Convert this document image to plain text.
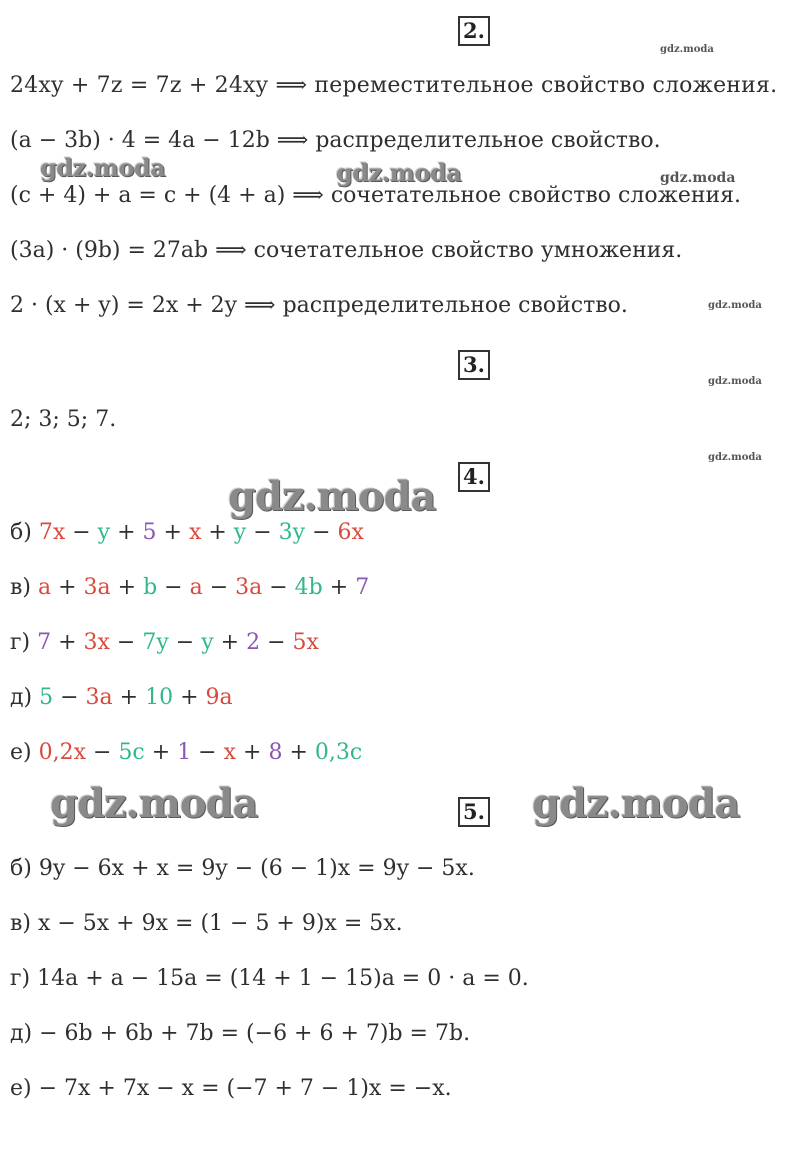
gdz.moda
gdz.moda	gdz.moda	gdz.moda
gdz.moda
gdz.moda
gdz.moda
gdz.moda
gdz.moda	gdz.moda
2.
24xy + 7z = 7z + 24xy ⟹ переместительное свойство сложения.
(a − 3b) · 4 = 4a − 12b ⟹ распределительное свойство.
(c + 4) + a = c + (4 + a) ⟹ сочетательное свойство сложения.
(3a) · (9b) = 27ab ⟹ сочетательное свойство умножения.
2 · (x + y) = 2x + 2y ⟹ распределительное свойство.
3.
2; 3; 5; 7.
4.
б) 7x − y + 5 + x + y − 3y − 6x
в) a + 3a + b − a − 3a − 4b + 7
г) 7 + 3x − 7y − y + 2 − 5x
д) 5 − 3a + 10 + 9a
е) 0,2x − 5c + 1 − x + 8 + 0,3c
5.
б) 9y − 6x + x = 9y − (6 − 1)x = 9y − 5x.
в) x − 5x + 9x = (1 − 5 + 9)x = 5x.
г) 14a + a − 15a = (14 + 1 − 15)a = 0 · a = 0.
д) − 6b + 6b + 7b = (−6 + 6 + 7)b = 7b.
е) − 7x + 7x − x = (−7 + 7 − 1)x = −x.
